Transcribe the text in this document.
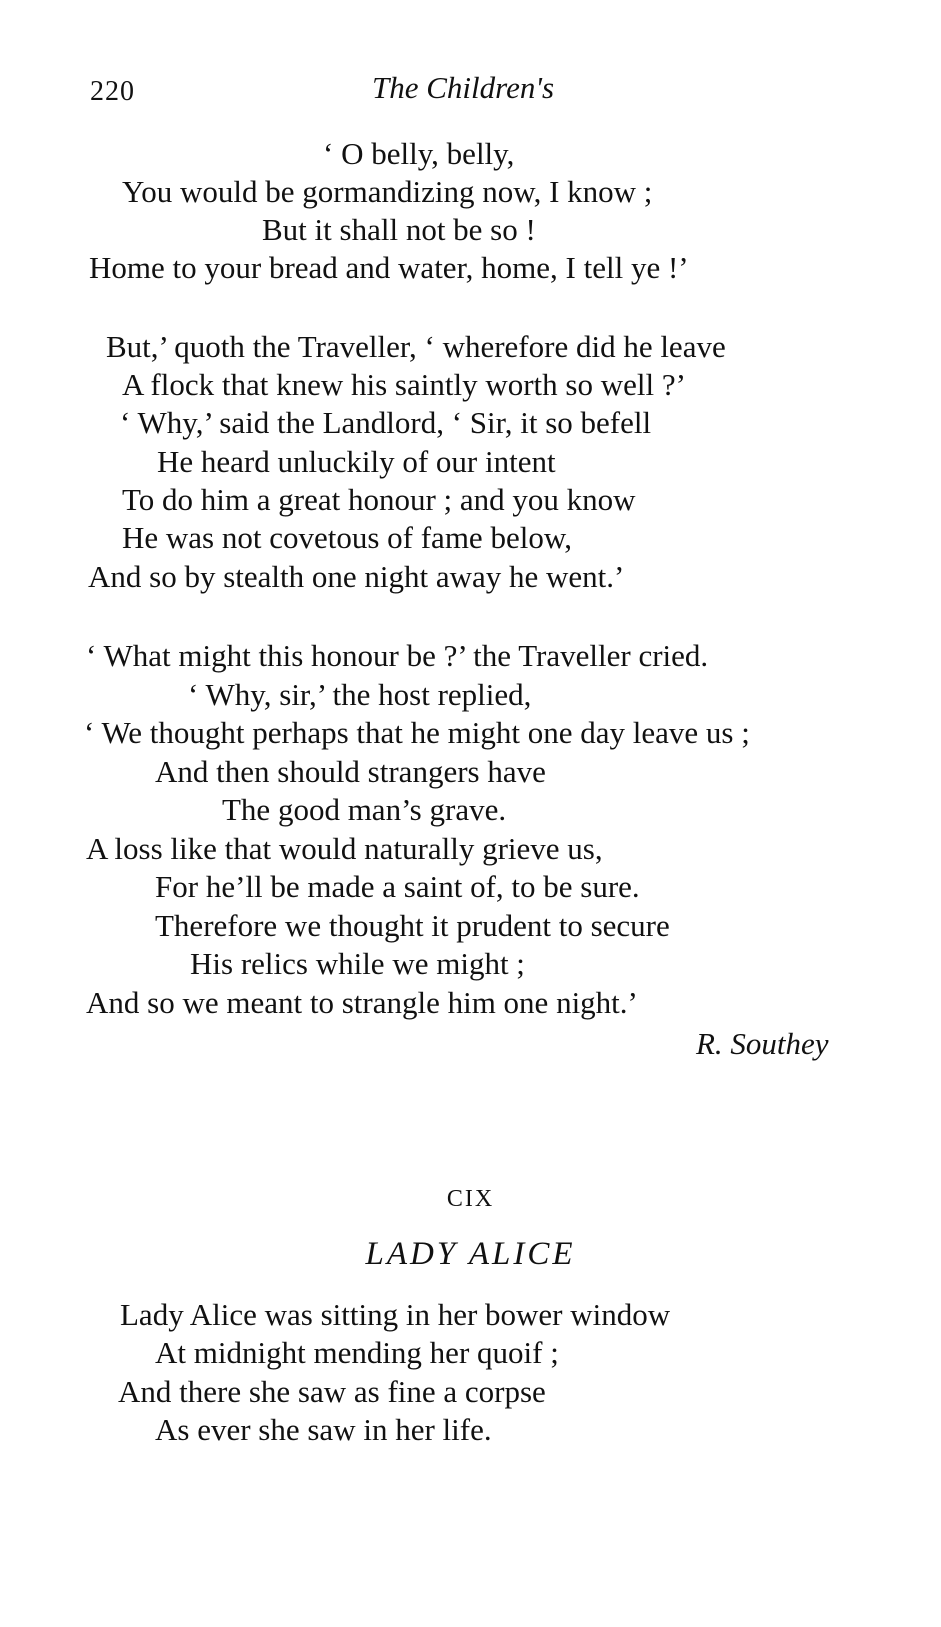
220	The Children's
‘ O belly, belly,
You would be gormandizing now, I know ;
But it shall not be so !
Home to your bread and water, home, I tell ye !’
But,’ quoth the Traveller, ‘ wherefore did he leave
A flock that knew his saintly worth so well ?’
‘ Why,’ said the Landlord, ‘ Sir, it so befell
He heard unluckily of our intent
To do him a great honour ; and you know
He was not covetous of fame below,
And so by stealth one night away he went.’
‘ What might this honour be ?’ the Traveller cried.
‘ Why, sir,’ the host replied,
‘ We thought perhaps that he might one day leave us ;
And then should strangers have
The good man’s grave.
A loss like that would naturally grieve us,
For he’ll be made a saint of, to be sure.
Therefore we thought it prudent to secure
His relics while we might ;
And so we meant to strangle him one night.’
R. Southey
CIX
LADY ALICE
Lady Alice was sitting in her bower window
At midnight mending her quoif ;
And there she saw as fine a corpse
As ever she saw in her life.
